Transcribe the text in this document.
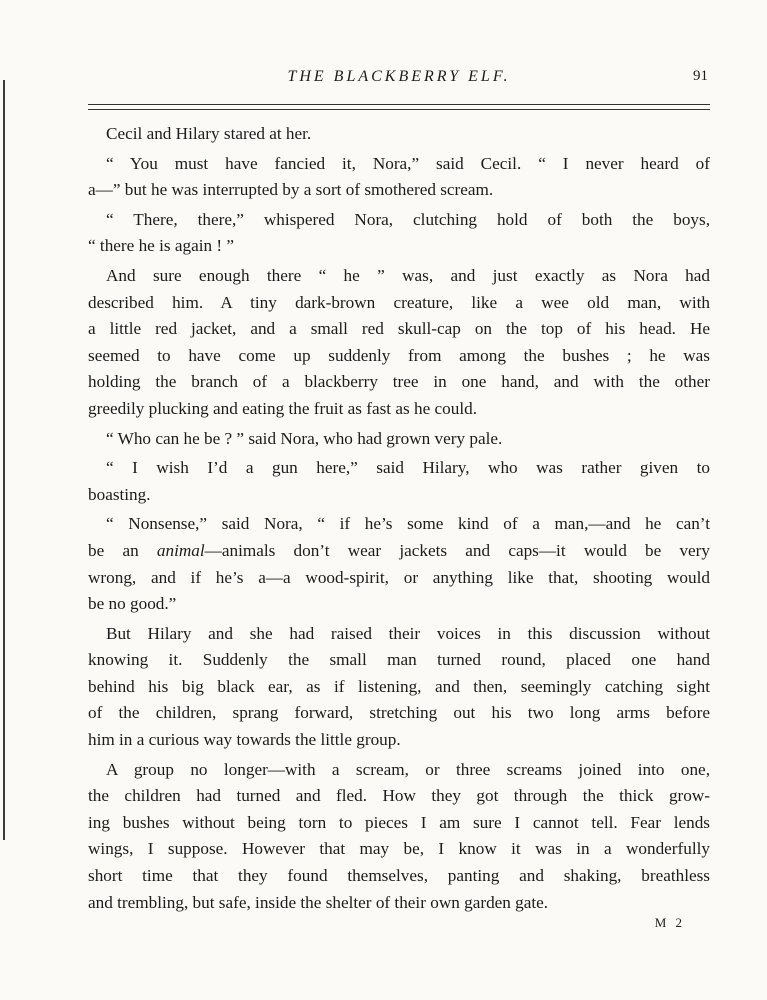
THE BLACKBERRY ELF.	91
Cecil and Hilary stared at her.
“ You must have fancied it, Nora,” said Cecil. “ I never heard of
a—” but he was interrupted by a sort of smothered scream.
“ There, there,” whispered Nora, clutching hold of both the boys,
“ there he is again ! ”
And sure enough there “ he ” was, and just exactly as Nora had
described him. A tiny dark-brown creature, like a wee old man, with
a little red jacket, and a small red skull-cap on the top of his head. He
seemed to have come up suddenly from among the bushes ; he was
holding the branch of a blackberry tree in one hand, and with the other
greedily plucking and eating the fruit as fast as he could.
“ Who can he be ? ” said Nora, who had grown very pale.
“ I wish I’d a gun here,” said Hilary, who was rather given to
boasting.
“ Nonsense,” said Nora, “ if he’s some kind of a man,—and he can’t
be an animal—animals don’t wear jackets and caps—it would be very
wrong, and if he’s a—a wood-spirit, or anything like that, shooting would
be no good.”
But Hilary and she had raised their voices in this discussion without
knowing it. Suddenly the small man turned round, placed one hand
behind his big black ear, as if listening, and then, seemingly catching sight
of the children, sprang forward, stretching out his two long arms before
him in a curious way towards the little group.
A group no longer—with a scream, or three screams joined into one,
the children had turned and fled. How they got through the thick grow-
ing bushes without being torn to pieces I am sure I cannot tell. Fear lends
wings, I suppose. However that may be, I know it was in a wonderfully
short time that they found themselves, panting and shaking, breathless
and trembling, but safe, inside the shelter of their own garden gate.
M 2
